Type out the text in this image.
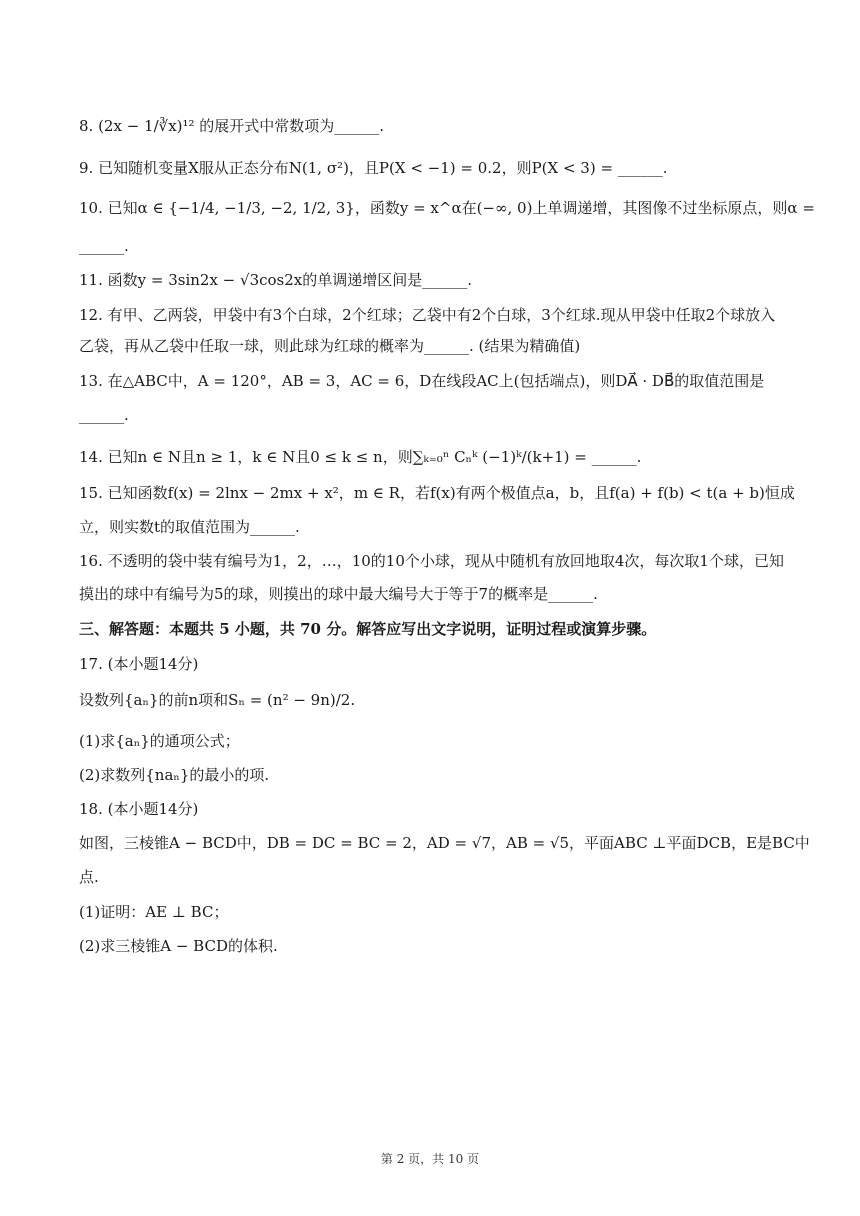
8. (2x − 1/∛x)¹² 的展开式中常数项为______.
9. 已知随机变量X服从正态分布N(1, σ²)，且P(X < −1) = 0.2，则P(X < 3) = ______.
10. 已知α ∈ {−1/4, −1/3, −2, 1/2, 3}，函数y = x^α在(−∞, 0)上单调递增，其图像不过坐标原点，则α =
______.
11. 函数y = 3sin2x − √3cos2x的单调递增区间是______.
12. 有甲、乙两袋，甲袋中有3个白球，2个红球；乙袋中有2个白球，3个红球.现从甲袋中任取2个球放入
乙袋，再从乙袋中任取一球，则此球为红球的概率为______. (结果为精确值)
13. 在△ABC中，A = 120°，AB = 3，AC = 6，D在线段AC上(包括端点)，则DA⃗ · DB⃗的取值范围是
______.
14. 已知n ∈ N且n ≥ 1，k ∈ N且0 ≤ k ≤ n，则∑ₖ₌₀ⁿ Cₙᵏ (−1)ᵏ/(k+1) = ______.
15. 已知函数f(x) = 2lnx − 2mx + x²，m ∈ R，若f(x)有两个极值点a，b，且f(a) + f(b) < t(a + b)恒成
立，则实数t的取值范围为______.
16. 不透明的袋中装有编号为1，2，…，10的10个小球，现从中随机有放回地取4次，每次取1个球，已知
摸出的球中有编号为5的球，则摸出的球中最大编号大于等于7的概率是______.
三、解答题：本题共 5 小题，共 70 分。解答应写出文字说明，证明过程或演算步骤。
17. (本小题14分)
设数列{aₙ}的前n项和Sₙ = (n² − 9n)/2.
(1)求{aₙ}的通项公式；
(2)求数列{naₙ}的最小的项.
18. (本小题14分)
如图，三棱锥A − BCD中，DB = DC = BC = 2，AD = √7，AB = √5，平面ABC ⊥平面DCB，E是BC中
点.
(1)证明：AE ⊥ BC；
(2)求三棱锥A − BCD的体积.
第 2 页，共 10 页
